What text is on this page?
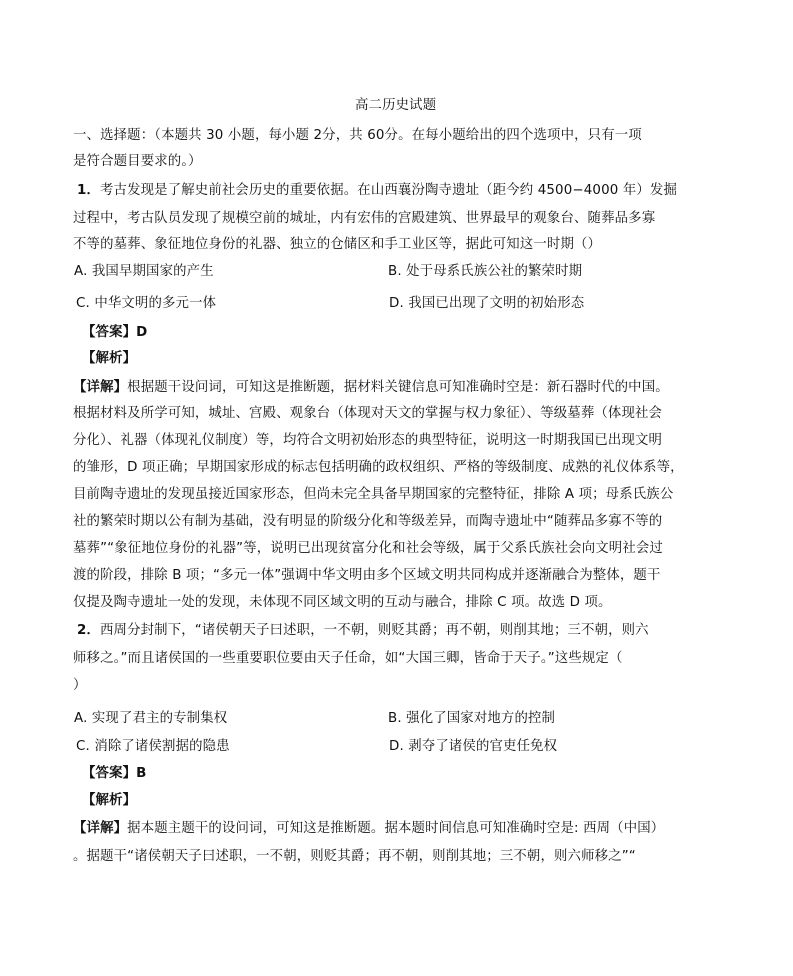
高二历史试题
一、选择题：（本题共 30 小题，每小题 2分，共 60分。在每小题给出的四个选项中，只有一项
是符合题目要求的。）
1．考古发现是了解史前社会历史的重要依据。在山西襄汾陶寺遗址（距今约 4500−4000 年）发掘
过程中，考古队员发现了规模空前的城址，内有宏伟的宫殿建筑、世界最早的观象台、随葬品多寡
不等的墓葬、象征地位身份的礼器、独立的仓储区和手工业区等，据此可知这一时期（）
A. 我国早期国家的产生	B. 处于母系氏族公社的繁荣时期
C. 中华文明的多元一体	D. 我国已出现了文明的初始形态
【答案】D
【解析】
【详解】根据题干设问词，可知这是推断题，据材料关键信息可知准确时空是：新石器时代的中国。
根据材料及所学可知，城址、宫殿、观象台（体现对天文的掌握与权力象征）、等级墓葬（体现社会
分化）、礼器（体现礼仪制度）等，均符合文明初始形态的典型特征，说明这一时期我国已出现文明
的雏形，D 项正确；早期国家形成的标志包括明确的政权组织、严格的等级制度、成熟的礼仪体系等，
目前陶寺遗址的发现虽接近国家形态，但尚未完全具备早期国家的完整特征，排除 A 项；母系氏族公
社的繁荣时期以公有制为基础，没有明显的阶级分化和等级差异，而陶寺遗址中“随葬品多寡不等的
墓葬”“象征地位身份的礼器”等，说明已出现贫富分化和社会等级，属于父系氏族社会向文明社会过
渡的阶段，排除 B 项；“多元一体”强调中华文明由多个区域文明共同构成并逐渐融合为整体，题干
仅提及陶寺遗址一处的发现，未体现不同区域文明的互动与融合，排除 C 项。故选 D 项。
2．西周分封制下，“诸侯朝天子曰述职，一不朝，则贬其爵；再不朝，则削其地；三不朝，则六
师移之。”而且诸侯国的一些重要职位要由天子任命，如“大国三卿，皆命于天子。”这些规定（
）
A. 实现了君主的专制集权	B. 强化了国家对地方的控制
C. 消除了诸侯割据的隐患	D. 剥夺了诸侯的官吏任免权
【答案】B
【解析】
【详解】据本题主题干的设问词，可知这是推断题。据本题时间信息可知准确时空是: 西周（中国）
。据题干“诸侯朝天子曰述职，一不朝，则贬其爵；再不朝，则削其地；三不朝，则六师移之”“
